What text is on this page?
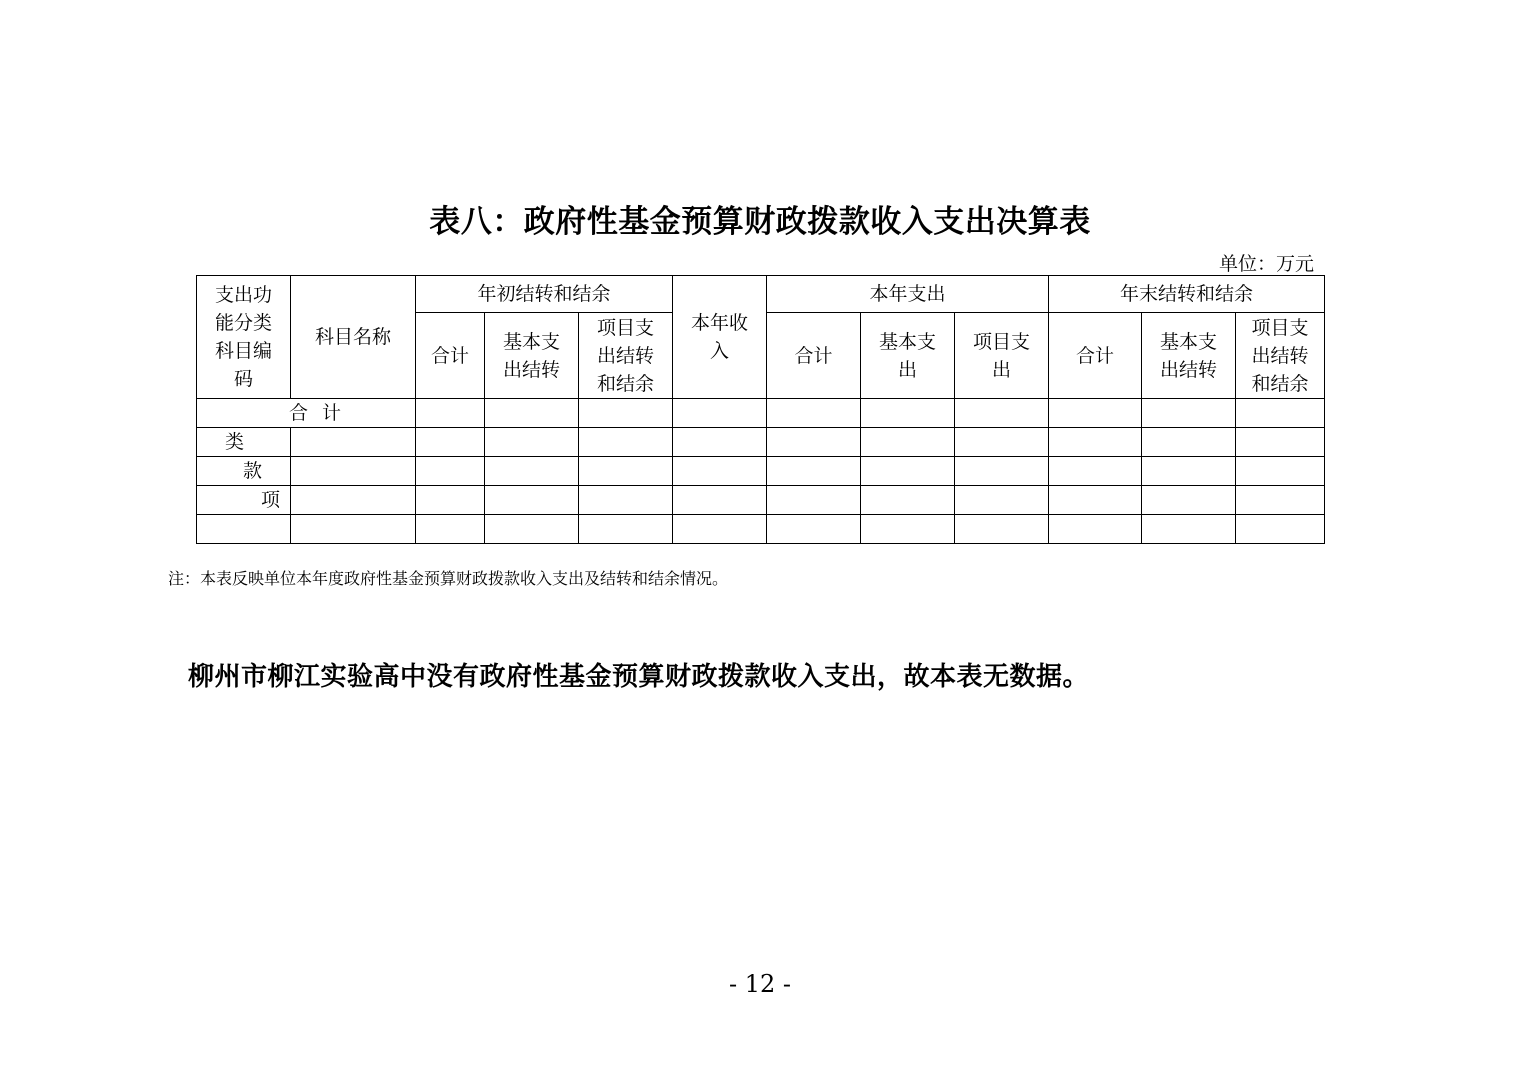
表八：政府性基金预算财政拨款收入支出决算表
单位：万元
支出功能分类科目编码	科目名称	年初结转和结余			本年收入	本年支出			年末结转和结余		
		合计	基本支出结转	项目支出结转和结余		合计	基本支出	项目支出	合计	基本支出结转	项目支出结转和结余
合 计											
类											
款											
项											

注：本表反映单位本年度政府性基金预算财政拨款收入支出及结转和结余情况。
柳州市柳江实验高中没有政府性基金预算财政拨款收入支出，故本表无数据。
- 12 -
